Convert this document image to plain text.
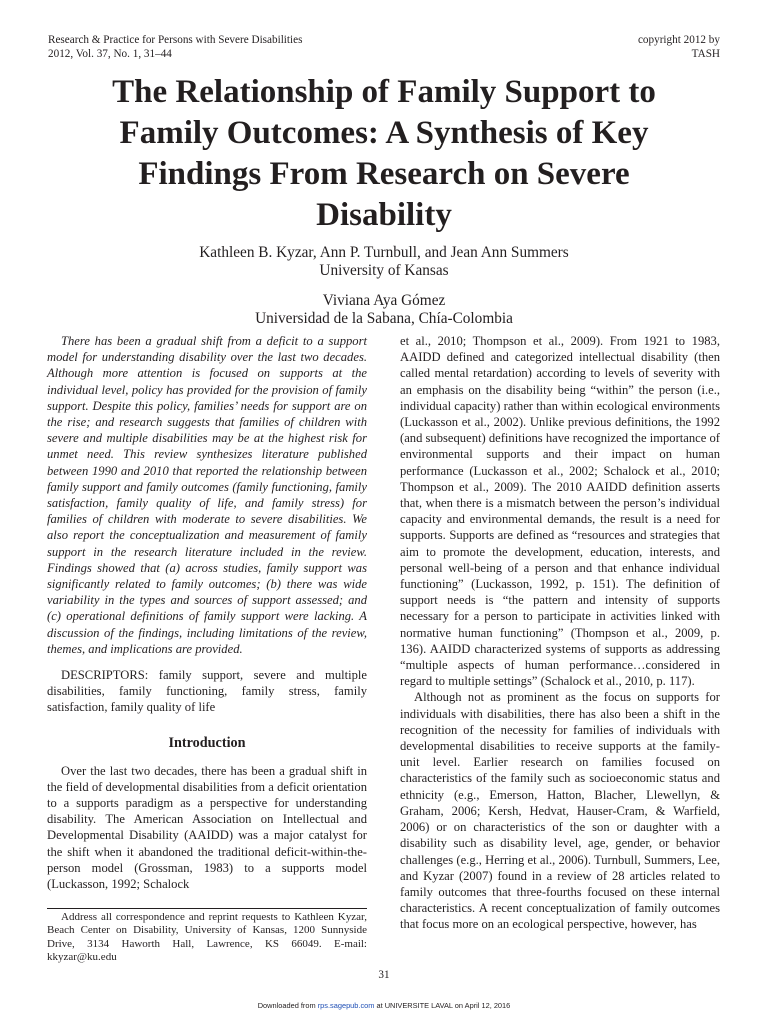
Research & Practice for Persons with Severe Disabilities
2012, Vol. 37, No. 1, 31–44
copyright 2012 by
TASH
The Relationship of Family Support to Family Outcomes: A Synthesis of Key Findings From Research on Severe Disability
Kathleen B. Kyzar, Ann P. Turnbull, and Jean Ann Summers
University of Kansas
Viviana Aya Gómez
Universidad de la Sabana, Chía-Colombia

There has been a gradual shift from a deficit to a support model for understanding disability over the last two decades. Although more attention is focused on supports at the individual level, policy has provided for the provision of family support. Despite this policy, families’ needs for support are on the rise; and research suggests that families of children with severe and multiple disabilities may be at the highest risk for unmet need. This review synthesizes literature published between 1990 and 2010 that reported the relationship between family support and family outcomes (family functioning, family satisfaction, family quality of life, and family stress) for families of children with moderate to severe disabilities. We also report the conceptualization and measurement of family support in the research literature included in the review. Findings showed that (a) across studies, family support was significantly related to family outcomes; (b) there was wide variability in the types and sources of support assessed; and (c) operational definitions of family support were lacking. A discussion of the findings, including limitations of the review, themes, and implications are provided.

DESCRIPTORS: family support, severe and multiple disabilities, family functioning, family stress, family satisfaction, family quality of life

Introduction

Over the last two decades, there has been a gradual shift in the field of developmental disabilities from a deficit orientation to a supports paradigm as a perspective for understanding disability. The American Association on Intellectual and Developmental Disability (AAIDD) was a major catalyst for the shift when it abandoned the traditional deficit-within-the-person model (Grossman, 1983) to a supports model (Luckasson, 1992; Schalock

et al., 2010; Thompson et al., 2009). From 1921 to 1983, AAIDD defined and categorized intellectual disability (then called mental retardation) according to levels of severity with an emphasis on the disability being “within” the person (i.e., individual capacity) rather than within ecological environments (Luckasson et al., 2002). Unlike previous definitions, the 1992 (and subsequent) definitions have recognized the importance of environmental supports and their impact on human performance (Luckasson et al., 2002; Schalock et al., 2010; Thompson et al., 2009). The 2010 AAIDD definition asserts that, when there is a mismatch between the person’s individual capacity and environmental demands, the result is a need for supports. Supports are defined as “resources and strategies that aim to promote the development, education, interests, and personal well-being of a person and that enhance individual functioning” (Luckasson, 1992, p. 151). The definition of support needs is “the pattern and intensity of supports necessary for a person to participate in activities linked with normative human functioning” (Thompson et al., 2009, p. 136). AAIDD characterized systems of supports as addressing “multiple aspects of human performance…considered in regard to multiple settings” (Schalock et al., 2010, p. 117).

Although not as prominent as the focus on supports for individuals with disabilities, there has also been a shift in the recognition of the necessity for families of individuals with developmental disabilities to receive supports at the family-unit level. Earlier research on families focused on characteristics of the family such as socioeconomic status and ethnicity (e.g., Emerson, Hatton, Blacher, Llewellyn, & Graham, 2006; Kersh, Hedvat, Hauser-Cram, & Warfield, 2006) or on characteristics of the son or daughter with a disability such as disability level, age, gender, or behavior challenges (e.g., Herring et al., 2006). Turnbull, Summers, Lee, and Kyzar (2007) found in a review of 28 articles related to family outcomes that three-fourths focused on these internal characteristics. A recent conceptualization of family outcomes that focus more on an ecological perspective, however, has

Address all correspondence and reprint requests to Kathleen Kyzar, Beach Center on Disability, University of Kansas, 1200 Sunnyside Drive, 3134 Haworth Hall, Lawrence, KS 66049. E-mail: kkyzar@ku.edu
31
Downloaded from rps.sagepub.com at UNIVERSITE LAVAL on April 12, 2016
